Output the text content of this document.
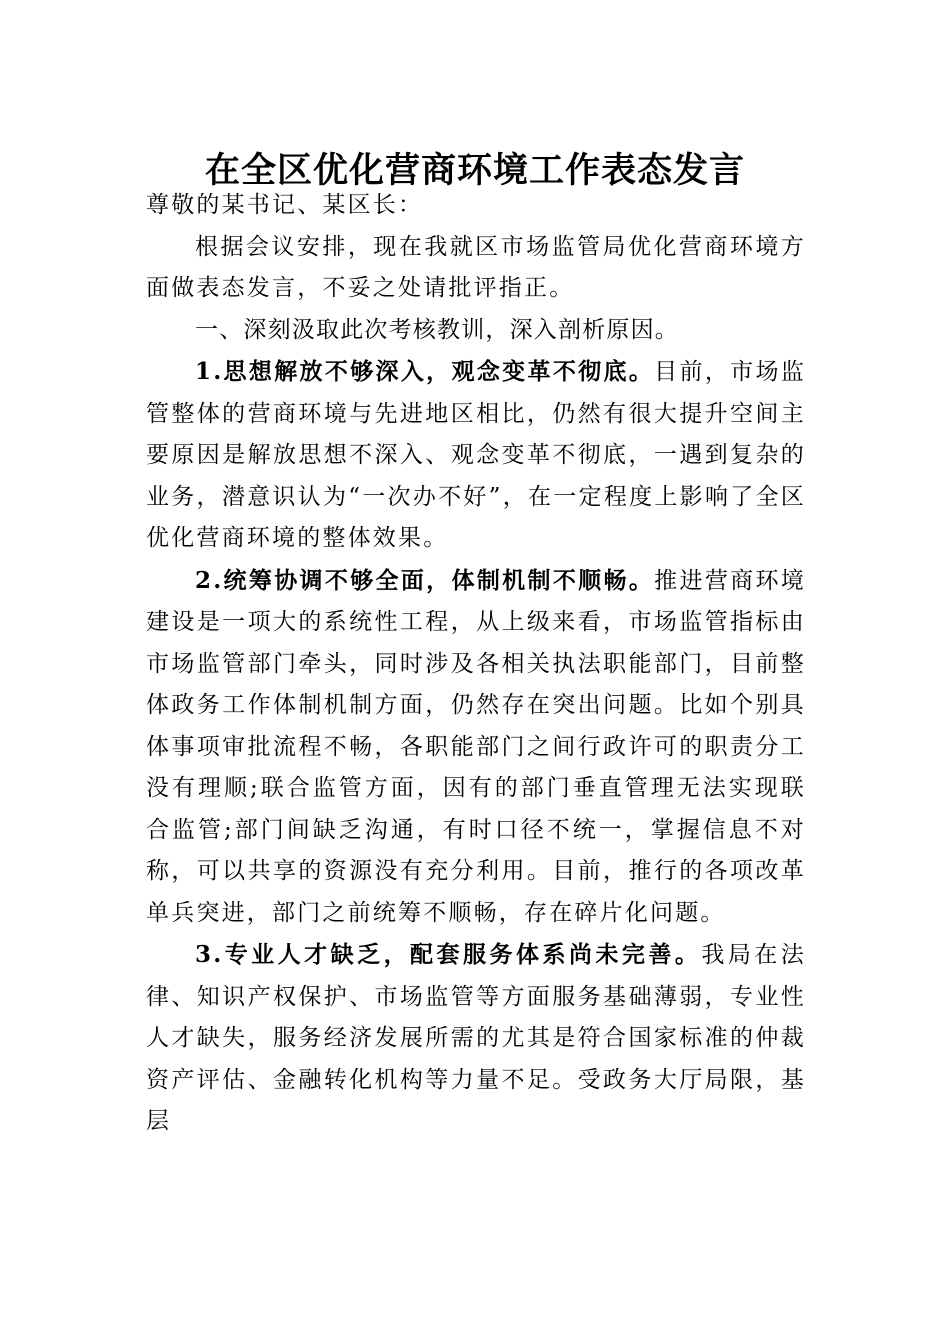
在全区优化营商环境工作表态发言

尊敬的某书记、某区长：

根据会议安排，现在我就区市场监管局优化营商环境方面做表态发言，不妥之处请批评指正。

一、深刻汲取此次考核教训，深入剖析原因。

1.思想解放不够深入，观念变革不彻底。目前，市场监管整体的营商环境与先进地区相比，仍然有很大提升空间主要原因是解放思想不深入、观念变革不彻底，一遇到复杂的业务，潜意识认为“一次办不好”，在一定程度上影响了全区优化营商环境的整体效果。

2.统筹协调不够全面，体制机制不顺畅。推进营商环境建设是一项大的系统性工程，从上级来看，市场监管指标由市场监管部门牵头，同时涉及各相关执法职能部门，目前整体政务工作体制机制方面，仍然存在突出问题。比如个别具体事项审批流程不畅，各职能部门之间行政许可的职责分工没有理顺;联合监管方面，因有的部门垂直管理无法实现联合监管;部门间缺乏沟通，有时口径不统一，掌握信息不对称，可以共享的资源没有充分利用。目前，推行的各项改革单兵突进，部门之前统筹不顺畅，存在碎片化问题。

3.专业人才缺乏，配套服务体系尚未完善。我局在法律、知识产权保护、市场监管等方面服务基础薄弱，专业性人才缺失，服务经济发展所需的尤其是符合国家标准的仲裁资产评估、金融转化机构等力量不足。受政务大厅局限，基层
